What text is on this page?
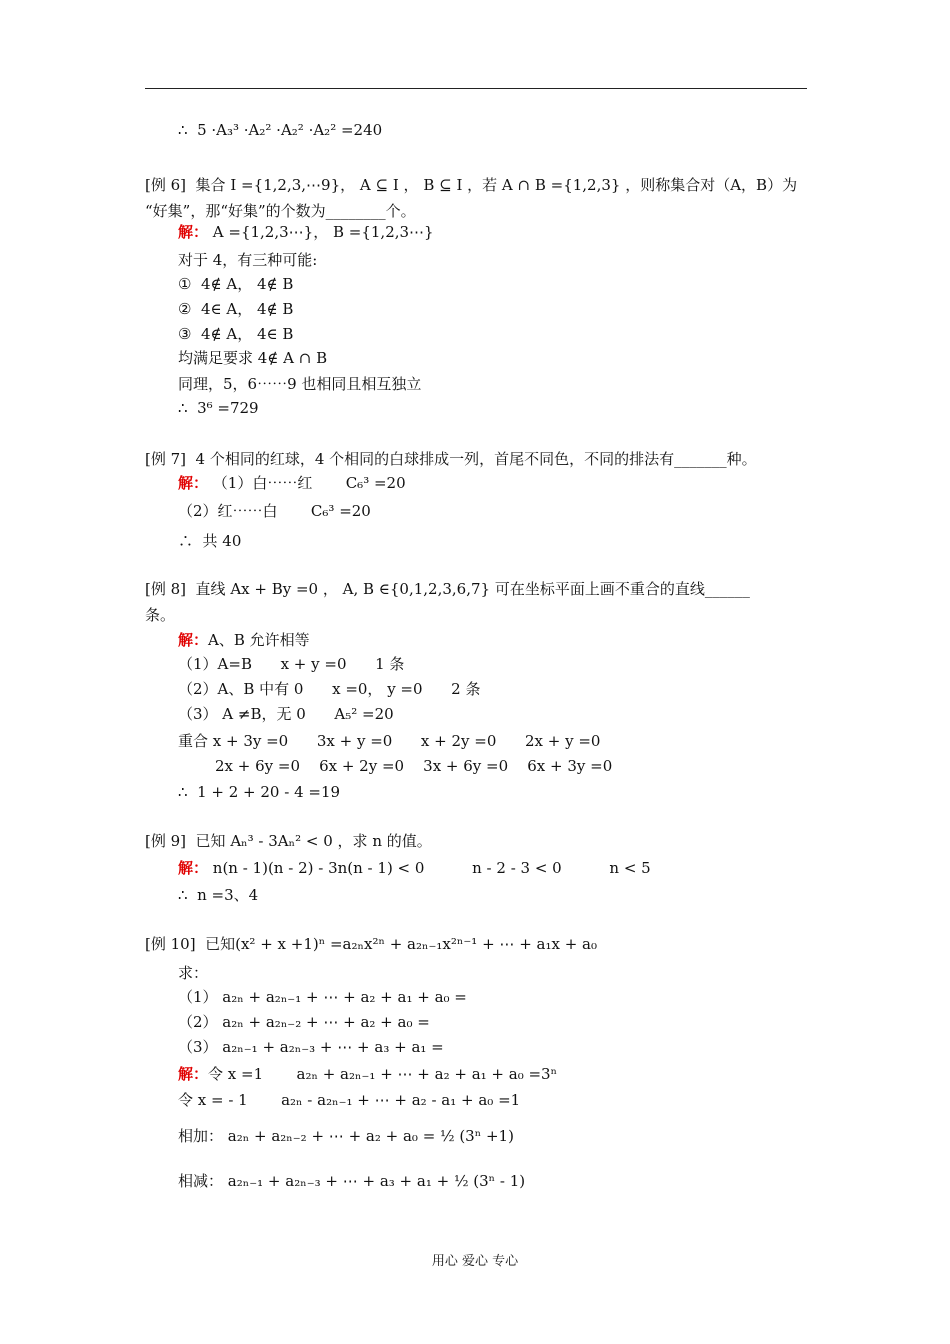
∴  5 ·A₃³ ·A₂² ·A₂² ·A₂² =240
[例 6]  集合 I ={1,2,3,⋯9}， A ⊆ I ， B ⊆ I ，若 A ∩ B ={1,2,3} ，则称集合对（A，B）为
“好集”，那“好集”的个数为________个。
解： A ={1,2,3⋯}， B ={1,2,3⋯}
对于 4，有三种可能:
①  4∉ A， 4∉ B
②  4∈ A， 4∉ B
③  4∉ A， 4∈ B
均满足要求 4∉ A ∩ B
同理，5，6⋯⋯9 也相同且相互独立
∴  3⁶ =729
[例 7]  4 个相同的红球，4 个相同的白球排成一列，首尾不同色，不同的排法有_______种。
解： （1）白⋯⋯红       C₆³ =20
（2）红⋯⋯白       C₆³ =20
∴  共 40
[例 8]  直线 Ax + By =0 ， A, B ∈{0,1,2,3,6,7} 可在坐标平面上画不重合的直线______
条。
解：A、B 允许相等
（1）A=B      x + y =0      1 条
（2）A、B 中有 0      x =0， y =0      2 条
（3） A ≠B，无 0      A₅² =20
重合 x + 3y =0      3x + y =0      x + 2y =0      2x + y =0
2x + 6y =0    6x + 2y =0    3x + 6y =0    6x + 3y =0
∴  1 + 2 + 20 - 4 =19
[例 9]  已知 Aₙ³ - 3Aₙ² < 0 ，求 n 的值。
解： n(n - 1)(n - 2) - 3n(n - 1) < 0          n - 2 - 3 < 0          n < 5
∴  n =3、4
[例 10]  已知(x² + x +1)ⁿ =a₂ₙx²ⁿ + a₂ₙ₋₁x²ⁿ⁻¹ + ⋯ + a₁x + a₀
求：
（1） a₂ₙ + a₂ₙ₋₁ + ⋯ + a₂ + a₁ + a₀ =
（2） a₂ₙ + a₂ₙ₋₂ + ⋯ + a₂ + a₀ =
（3） a₂ₙ₋₁ + a₂ₙ₋₃ + ⋯ + a₃ + a₁ =
解：令 x =1       a₂ₙ + a₂ₙ₋₁ + ⋯ + a₂ + a₁ + a₀ =3ⁿ
令 x = - 1       a₂ₙ - a₂ₙ₋₁ + ⋯ + a₂ - a₁ + a₀ =1
相加： a₂ₙ + a₂ₙ₋₂ + ⋯ + a₂ + a₀ = ½ (3ⁿ +1)
相减： a₂ₙ₋₁ + a₂ₙ₋₃ + ⋯ + a₃ + a₁ + ½ (3ⁿ - 1)
用心 爱心 专心
